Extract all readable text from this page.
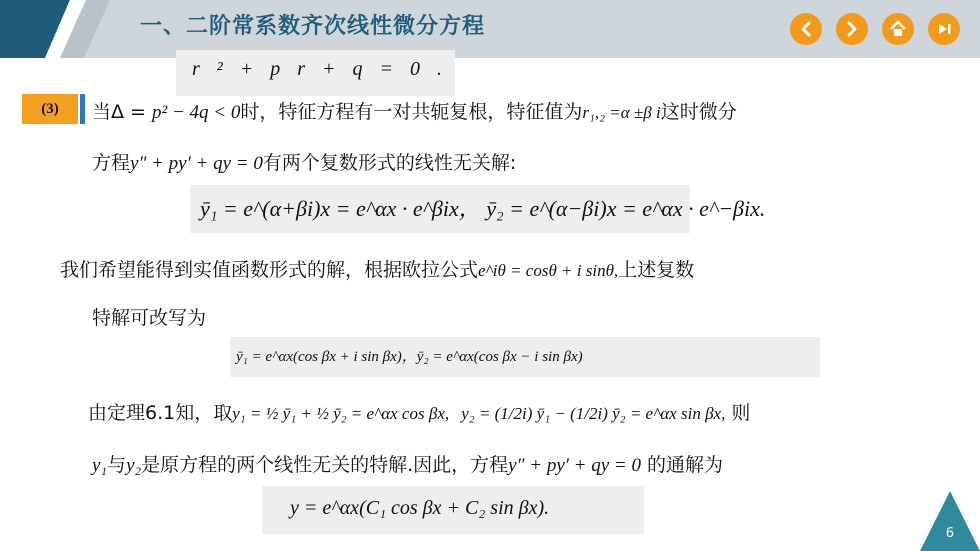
一、二阶常系数齐次线性微分方程
r ² + p r + q = 0 .
(3)	当Δ = p² − 4q < 0时，特征方程有一对共轭复根，特征值为r₁,₂ =α ±β i这时微分
方程y″ + py′ + qy = 0有两个复数形式的线性无关解:
ȳ₁ = e^(α+βi)x = e^αx · e^βix， ȳ₂ = e^(α−βi)x = e^αx · e^−βix.
我们希望能得到实值函数形式的解，根据欧拉公式e^iθ = cosθ + i sinθ,上述复数
特解可改写为
ȳ₁ = e^αx(cos βx + i sin βx)，ȳ₂ = e^αx(cos βx − i sin βx)
由定理6.1知，取y₁ = ½ ȳ₁ + ½ ȳ₂ = e^αx cos βx, y₂ = (1/2i) ȳ₁ − (1/2i) ȳ₂ = e^αx sin βx, 则
y₁与y₂是原方程的两个线性无关的特解.因此，方程y″ + py′ + qy = 0 的通解为
y = e^αx(C₁ cos βx + C₂ sin βx).
6
